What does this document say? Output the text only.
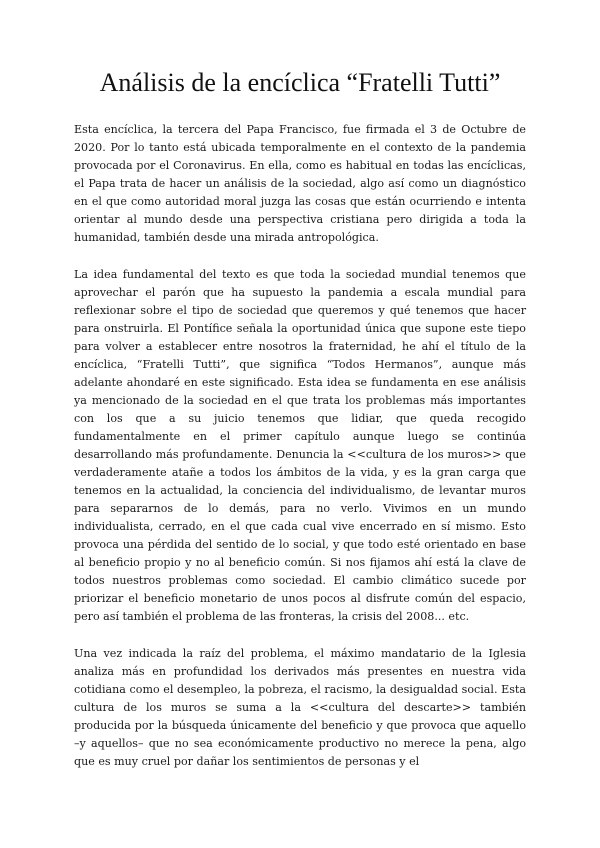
Análisis de la encíclica “Fratelli Tutti”

Esta encíclica, la tercera del Papa Francisco, fue firmada el 3 de Octubre de 2020. Por lo tanto está ubicada temporalmente en el contexto de la pandemia provocada por el Coronavirus. En ella, como es habitual en todas las encíclicas, el Papa trata de hacer un análisis de la sociedad, algo así como un diagnóstico en el que como autoridad moral juzga las cosas que están ocurriendo e intenta orientar al mundo desde una perspectiva cristiana pero dirigida a toda la humanidad, también desde una mirada antropológica.

La idea fundamental del texto es que toda la sociedad mundial tenemos que aprovechar el parón que ha supuesto la pandemia a escala mundial para reflexionar sobre el tipo de sociedad que queremos y qué tenemos que hacer para onstruirla. El Pontífice señala la oportunidad única que supone este tiepo para volver a establecer entre nosotros la fraternidad, he ahí el título de la encíclica, “Fratelli Tutti”, que significa “Todos Hermanos”, aunque más adelante ahondaré en este significado. Esta idea se fundamenta en ese análisis ya mencionado de la sociedad en el que trata los problemas más importantes con los que a su juicio tenemos que lidiar, que queda recogido fundamentalmente en el primer capítulo aunque luego se continúa desarrollando más profundamente. Denuncia la <<cultura de los muros>> que verdaderamente atañe a todos los ámbitos de la vida, y es la gran carga que tenemos en la actualidad, la conciencia del individualismo, de levantar muros para separarnos de lo demás, para no verlo. Vivimos en un mundo individualista, cerrado, en el que cada cual vive encerrado en sí mismo. Esto provoca una pérdida del sentido de lo social, y que todo esté orientado en base al beneficio propio y no al beneficio común. Si nos fijamos ahí está la clave de todos nuestros problemas como sociedad. El cambio climático sucede por priorizar el beneficio monetario de unos pocos al disfrute común del espacio, pero así también el problema de las fronteras, la crisis del 2008... etc.

Una vez indicada la raíz del problema, el máximo mandatario de la Iglesia analiza más en profundidad los derivados más presentes en nuestra vida cotidiana como el desempleo, la pobreza, el racismo, la desigualdad social. Esta cultura de los muros se suma a la <<cultura del descarte>> también producida por la búsqueda únicamente del beneficio y que provoca que aquello –y aquellos– que no sea económicamente productivo no merece la pena, algo que es muy cruel por dañar los sentimientos de personas y el
